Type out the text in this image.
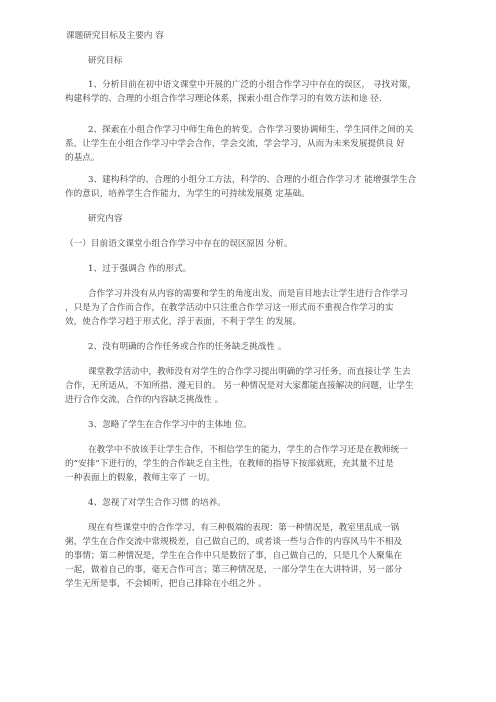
课题研究目标及主要内 容
研究目标
1、分析目前在初中语文课堂中开展的广泛的小组合作学习中存在的误区， 寻找对策，
构建科学的、合理的小组合作学习理论体系，探索小组合作学习的有效方法和途 径.
2、探索在小组合作学习中师生角色的转变。合作学习要协调师生、学生同伴之间的关
系，让学生在小组合作学习中学会合作，学会交流，学会学习，从而为未来发展提供良 好
的基点。
3、建构科学的、合理的小组分工方法，科学的、合理的小组合作学习才 能增强学生合
作的意识，培养学生合作能力，为学生的可持续发展奠 定基础。
研究内容
（一）目前语文课堂小组合作学习中存在的误区原因 分析。
1、过于强调合 作的形式。
合作学习并没有从内容的需要和学生的角度出发，而是盲目地去让学生进行合作学习
，只是为了合作而合作，在教学活动中只注重合作学习这一形式而不重视合作学习的实
效，使合作学习趋于形式化，浮于表面，不利于学生 的发展。
2、没有明确的合作任务或合作的任务缺乏挑战性 。
课堂教学活动中，教师没有对学生的合作学习提出明确的学习任务，而直接让学 生去
合作，无所适从，不知所措、漫无目的。 另一种情况是对大家都能直接解决的问题，让学生
进行合作交流，合作的内容缺乏挑战性 。
3、忽略了学生在合作学习中的主体地 位。
在教学中不放该手让学生合作，不相信学生的能力，学生的合作学习还是在教师统一
的“安排”下进行的，学生的合作缺乏自主性，在教师的指导下按部就班，充其量不过是
一种表面上的假象，教师主宰了 一切。
4、忽视了对学生合作习惯 的培养。
现在有些课堂中的合作学习，有三种极端的表现：第一种情况是，教室里乱成一锅
粥，学生在合作交流中常规极差，自己做自己的，或者谈一些与合作的内容风马牛不相及
的事情；第二种情况是，学生在合作中只是数衍了事，自己做自己的，只是几个人聚集在
一起，做着自己的事，毫无合作可言；第三种情况是，一部分学生在大讲特讲，另一部分
学生无所是事，不会倾听，把自己排除在小组之外 。
